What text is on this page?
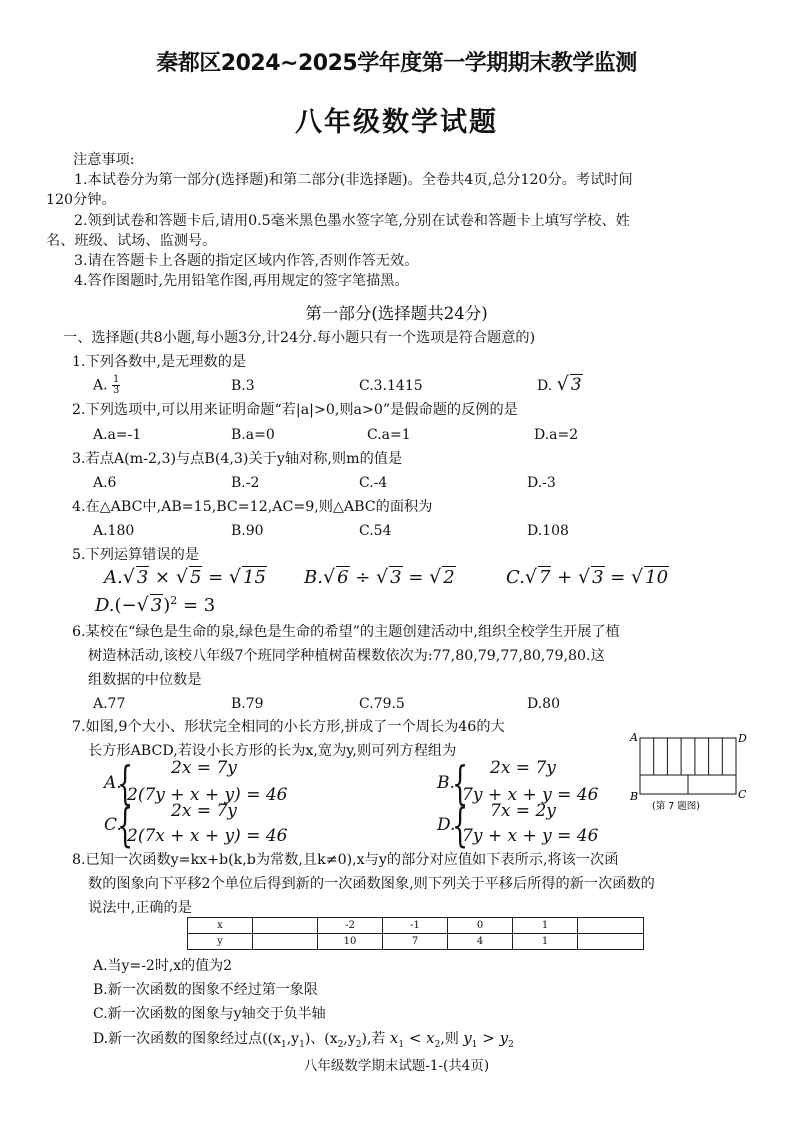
秦都区2024~2025学年度第一学期期末教学监测
八年级数学试题
注意事项:
1.本试卷分为第一部分(选择题)和第二部分(非选择题)。全卷共4页,总分120分。考试时间
120分钟。
2.领到试卷和答题卡后,请用0.5毫米黑色墨水签字笔,分别在试卷和答题卡上填写学校、姓
名、班级、试场、监测号。
3.请在答题卡上各题的指定区域内作答,否则作答无效。
4.答作图题时,先用铅笔作图,再用规定的签字笔描黑。
第一部分(选择题共24分)
一、选择题(共8小题,每小题3分,计24分.每小题只有一个选项是符合题意的)
1.下列各数中,是无理数的是
A. $\frac{1}{3}$	B.3	C.3.1415	D. √ 3
2.下列选项中,可以用来证明命题“若|a|>0,则a>0”是假命题的反例的是
A.a=-1	B.a=0	C.a=1	D.a=2
3.若点A(m-2,3)与点B(4,3)关于y轴对称,则m的值是
A.6	B.-2	C.-4	D.-3
4.在△ABC中,AB=15,BC=12,AC=9,则△ABC的面积为
A.180	B.90	C.54	D.108
5.下列运算错误的是
A.√ 3 × √ 5 = √ 15 B.√ 6 ÷ √ 3 = √ 2	C.√ 7 + √ 3 = √ 10
D.(−√ 3)$^2$ = 3
6.某校在“绿色是生命的泉,绿色是生命的希望”的主题创建活动中,组织全校学生开展了植
树造林活动,该校八年级7个班同学种植树苗棵数依次为:77,80,79,77,80,79,80.这
组数据的中位数是
A.77	B.79	C.79.5	D.80
7.如图,9个大小、形状完全相同的小长方形,拼成了一个周长为46的大
长方形ABCD,若设小长方形的长为x,宽为y,则可列方程组为
A.
{ 2x = 7y
2(7y + x + y) = 46
B.
{ 2x = 7y
7y + x + y = 46
C.
{ 2x = 7y
2(7x + x + y) = 46
D.
{ 7x = 2y
7y + x + y = 46
A	D
B	C
(第 7 题图)
8.已知一次函数y=kx+b(k,b为常数,且k≠0),x与y的部分对应值如下表所示,将该一次函
数的图象向下平移2个单位后得到新的一次函数图象,则下列关于平移后所得的新一次函数的
说法中,正确的是
x		-2	-1	0	1	
y		10	7	4	1	
A.当y=-2时,x的值为2
B.新一次函数的图象不经过第一象限
C.新一次函数的图象与y轴交于负半轴
D.新一次函数的图象经过点($(x_1,y_1)$、$(x_2,y_2)$,若 $x_1 < x_2$,则 $y_1 > y_2$
八年级数学期末试题-1-(共4页)
